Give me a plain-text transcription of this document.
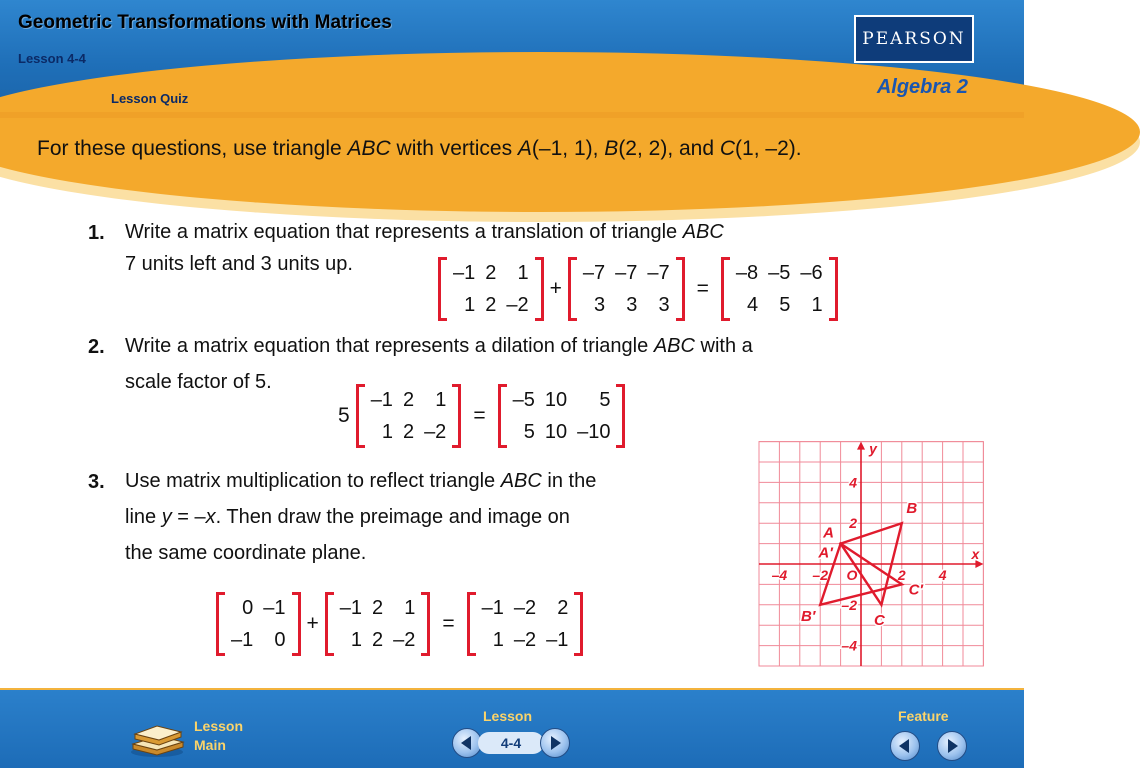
Geometric Transformations with Matrices
Lesson 4-4
Lesson Quiz
Algebra 2
PEARSON
For these questions, use triangle ABC with vertices A(–1, 1), B(2, 2), and C(1, –2).
1. Write a matrix equation that represents a translation of triangle ABC
7 units left and 3 units up.	–1 2	1
1 2 –2
+
–7 –7 –7
3	3	3
=
–8 –5 –6
4	5	1
2. Write a matrix equation that represents a dilation of triangle ABC with a
scale factor of 5.
5
–1 2	1
1 2 –2
=
–5 10	5
5 10 –10
3. Use matrix multiplication to reflect triangle ABC in the
line y = –x. Then draw the preimage and image on
the same coordinate plane.
0 –1
–1	0
+
–1 2	1
1 2 –2
=
–1 –2	2
1 –2 –1
x
y
–4 –2	2 4
4
2
–2
–4
O
A
B
C
A′
B′
C′
Lesson
Main
Lesson
4-4
Feature
